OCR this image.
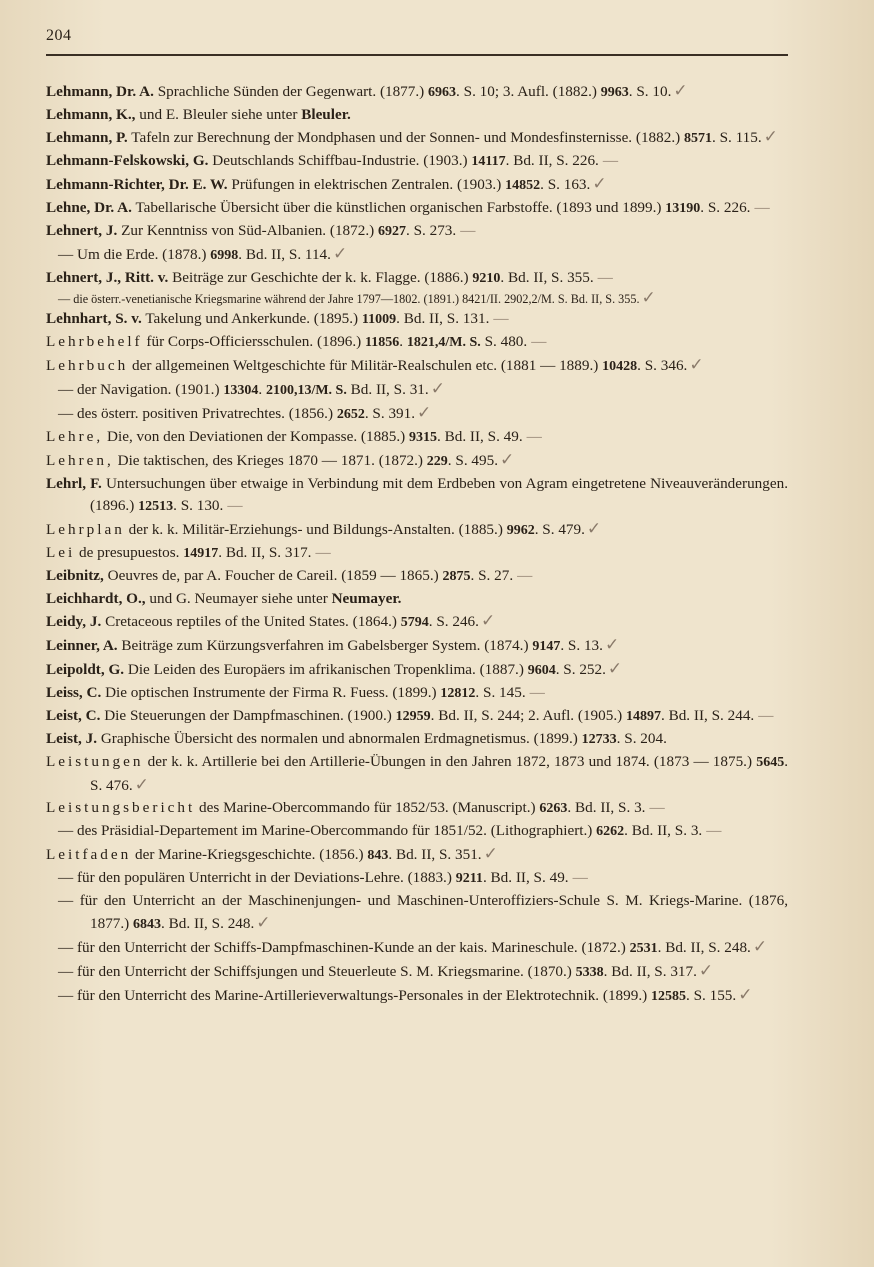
204
Lehmann, Dr. A. Sprachliche Sünden der Gegenwart. (1877.) 6963. S. 10; 3. Aufl. (1882.) 9963. S. 10. ✓
Lehmann, K., und E. Bleuler siehe unter Bleuler.
Lehmann, P. Tafeln zur Berechnung der Mondphasen und der Sonnen- und Mondesfinsternisse. (1882.) 8571. S. 115. ✓
Lehmann-Felskowski, G. Deutschlands Schiffbau-Industrie. (1903.) 14117. Bd. II, S. 226. —
Lehmann-Richter, Dr. E. W. Prüfungen in elektrischen Zentralen. (1903.) 14852. S. 163. ✓
Lehne, Dr. A. Tabellarische Übersicht über die künstlichen organischen Farbstoffe. (1893 und 1899.) 13190. S. 226. —
Lehnert, J. Zur Kenntniss von Süd-Albanien. (1872.) 6927. S. 273. —
— Um die Erde. (1878.) 6998. Bd. II, S. 114. ✓
Lehnert, J., Ritt. v. Beiträge zur Geschichte der k. k. Flagge. (1886.) 9210. Bd. II, S. 355. —
— die österr.-venetianische Kriegsmarine während der Jahre 1797—1802. (1891.) 8421/II. 2902,2/M. S. Bd. II, S. 355. ✓
Lehnhart, S. v. Takelung und Ankerkunde. (1895.) 11009. Bd. II, S. 131. —
Lehrbehelf für Corps-Officiersschulen. (1896.) 11856. 1821,4/M. S. S. 480. —
Lehrbuch der allgemeinen Weltgeschichte für Militär-Realschulen etc. (1881 — 1889.) 10428. S. 346. ✓
— der Navigation. (1901.) 13304. 2100,13/M. S. Bd. II, S. 31. ✓
— des österr. positiven Privatrechtes. (1856.) 2652. S. 391. ✓
Lehre, Die, von den Deviationen der Kompasse. (1885.) 9315. Bd. II, S. 49. —
Lehren, Die taktischen, des Krieges 1870 — 1871. (1872.) 229. S. 495. ✓
Lehrl, F. Untersuchungen über etwaige in Verbindung mit dem Erdbeben von Agram eingetretene Niveauveränderungen. (1896.) 12513. S. 130. —
Lehrplan der k. k. Militär-Erziehungs- und Bildungs-Anstalten. (1885.) 9962. S. 479. ✓
Lei de presupuestos. 14917. Bd. II, S. 317. —
Leibnitz, Oeuvres de, par A. Foucher de Careil. (1859 — 1865.) 2875. S. 27. —
Leichhardt, O., und G. Neumayer siehe unter Neumayer.
Leidy, J. Cretaceous reptiles of the United States. (1864.) 5794. S. 246. ✓
Leinner, A. Beiträge zum Kürzungsverfahren im Gabelsberger System. (1874.) 9147. S. 13. ✓
Leipoldt, G. Die Leiden des Europäers im afrikanischen Tropenklima. (1887.) 9604. S. 252. ✓
Leiss, C. Die optischen Instrumente der Firma R. Fuess. (1899.) 12812. S. 145. —
Leist, C. Die Steuerungen der Dampfmaschinen. (1900.) 12959. Bd. II, S. 244; 2. Aufl. (1905.) 14897. Bd. II, S. 244. —
Leist, J. Graphische Übersicht des normalen und abnormalen Erdmagnetismus. (1899.) 12733. S. 204.
Leistungen der k. k. Artillerie bei den Artillerie-Übungen in den Jahren 1872, 1873 und 1874. (1873 — 1875.) 5645. S. 476. ✓
Leistungsbericht des Marine-Obercommando für 1852/53. (Manuscript.) 6263. Bd. II, S. 3. —
— des Präsidial-Departement im Marine-Obercommando für 1851/52. (Lithographiert.) 6262. Bd. II, S. 3. —
Leitfaden der Marine-Kriegsgeschichte. (1856.) 843. Bd. II, S. 351. ✓
— für den populären Unterricht in der Deviations-Lehre. (1883.) 9211. Bd. II, S. 49. —
— für den Unterricht an der Maschinenjungen- und Maschinen-Unteroffiziers-Schule S. M. Kriegs-Marine. (1876, 1877.) 6843. Bd. II, S. 248. ✓
— für den Unterricht der Schiffs-Dampfmaschinen-Kunde an der kais. Marineschule. (1872.) 2531. Bd. II, S. 248. ✓
— für den Unterricht der Schiffsjungen und Steuerleute S. M. Kriegsmarine. (1870.) 5338. Bd. II, S. 317. ✓
— für den Unterricht des Marine-Artillerieverwaltungs-Personales in der Elektrotechnik. (1899.) 12585. S. 155. ✓
